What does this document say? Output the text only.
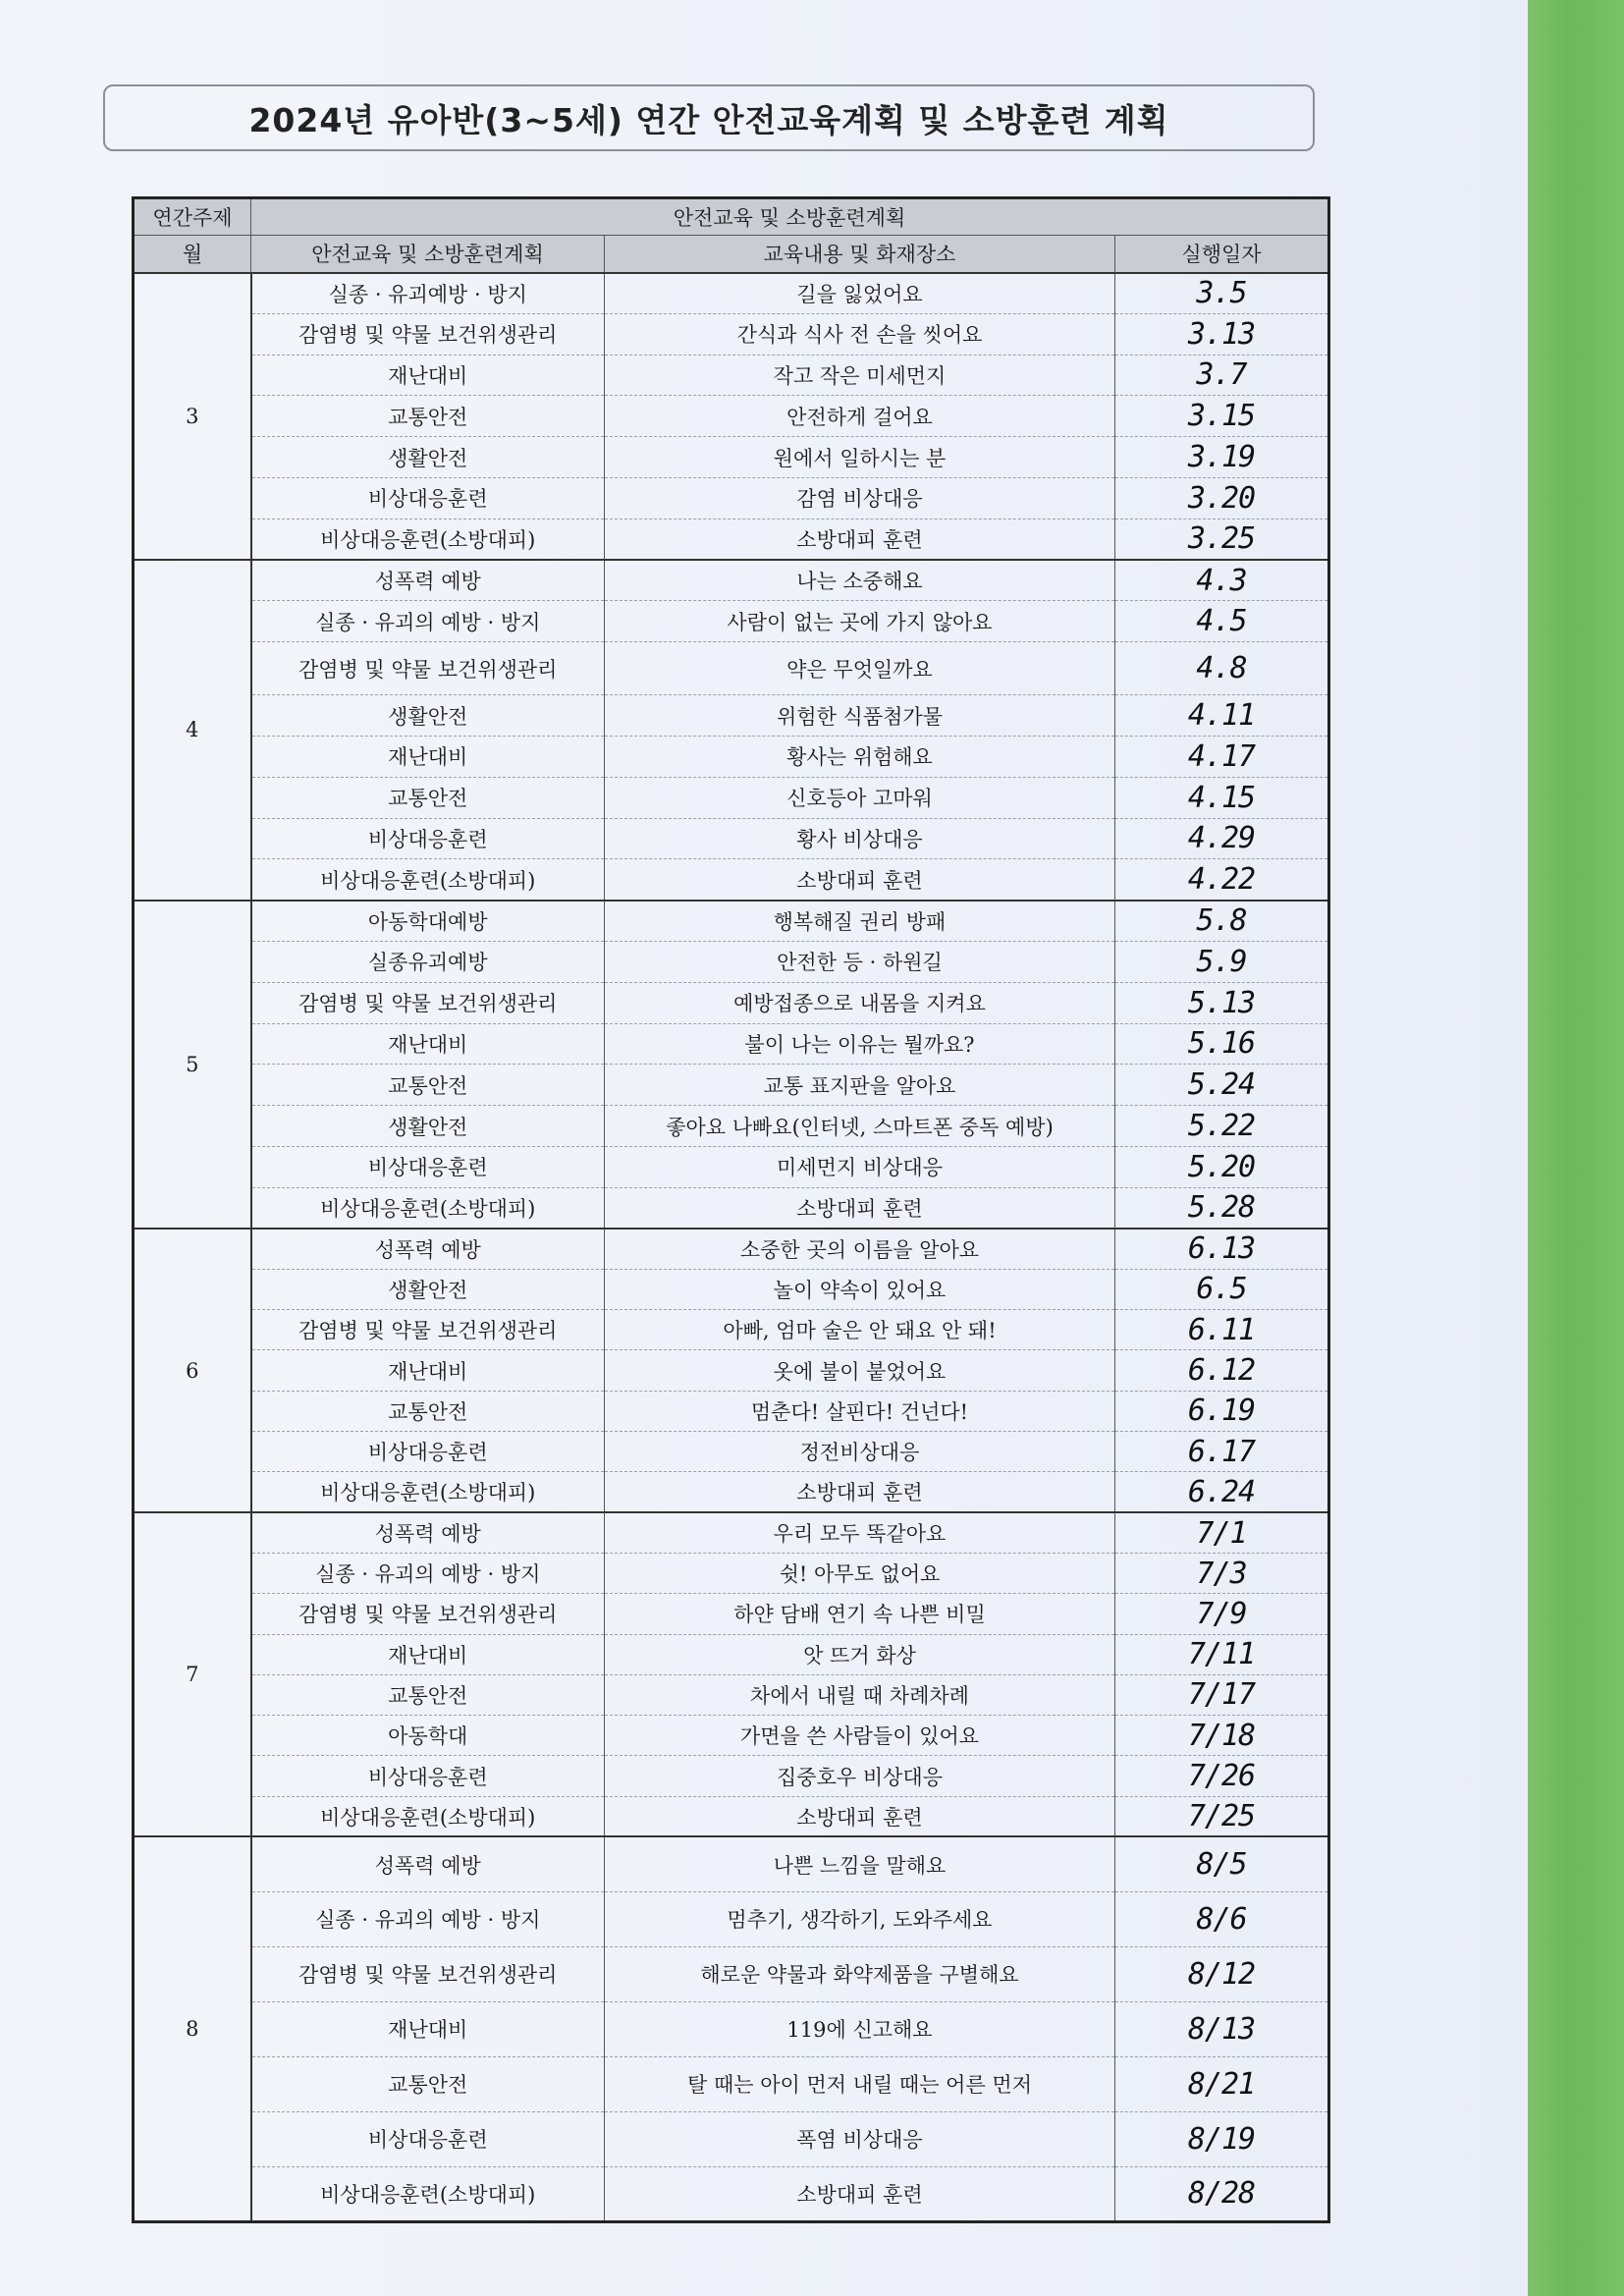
2024년 유아반(3~5세) 연간 안전교육계획 및 소방훈련 계획
연간주제	안전교육 및 소방훈련계획		
월	안전교육 및 소방훈련계획	교육내용 및 화재장소	실행일자
3	실종 · 유괴예방 · 방지	길을 잃었어요	3.5
	감염병 및 약물 보건위생관리	간식과 식사 전 손을 씻어요	3.13
	재난대비	작고 작은 미세먼지	3.7
	교통안전	안전하게 걸어요	3.15
	생활안전	원에서 일하시는 분	3.19
	비상대응훈련	감염 비상대응	3.20
	비상대응훈련(소방대피)	소방대피 훈련	3.25
4	성폭력 예방	나는 소중해요	4.3
	실종 · 유괴의 예방 · 방지	사람이 없는 곳에 가지 않아요	4.5
	감염병 및 약물 보건위생관리	약은 무엇일까요	4.8
	생활안전	위험한 식품첨가물	4.11
	재난대비	황사는 위험해요	4.17
	교통안전	신호등아 고마워	4.15
	비상대응훈련	황사 비상대응	4.29
	비상대응훈련(소방대피)	소방대피 훈련	4.22
5	아동학대예방	행복해질 권리 방패	5.8
	실종유괴예방	안전한 등 · 하원길	5.9
	감염병 및 약물 보건위생관리	예방접종으로 내몸을 지켜요	5.13
	재난대비	불이 나는 이유는 뭘까요?	5.16
	교통안전	교통 표지판을 알아요	5.24
	생활안전	좋아요 나빠요(인터넷, 스마트폰 중독 예방)	5.22
	비상대응훈련	미세먼지 비상대응	5.20
	비상대응훈련(소방대피)	소방대피 훈련	5.28
6	성폭력 예방	소중한 곳의 이름을 알아요	6.13
	생활안전	놀이 약속이 있어요	6.5
	감염병 및 약물 보건위생관리	아빠, 엄마 술은 안 돼요 안 돼!	6.11
	재난대비	옷에 불이 붙었어요	6.12
	교통안전	멈춘다! 살핀다! 건넌다!	6.19
	비상대응훈련	정전비상대응	6.17
	비상대응훈련(소방대피)	소방대피 훈련	6.24
7	성폭력 예방	우리 모두 똑같아요	7/1
	실종 · 유괴의 예방 · 방지	쉿! 아무도 없어요	7/3
	감염병 및 약물 보건위생관리	하얀 담배 연기 속 나쁜 비밀	7/9
	재난대비	앗 뜨거 화상	7/11
	교통안전	차에서 내릴 때 차례차례	7/17
	아동학대	가면을 쓴 사람들이 있어요	7/18
	비상대응훈련	집중호우 비상대응	7/26
	비상대응훈련(소방대피)	소방대피 훈련	7/25
8	성폭력 예방	나쁜 느낌을 말해요	8/5
	실종 · 유괴의 예방 · 방지	멈추기, 생각하기, 도와주세요	8/6
	감염병 및 약물 보건위생관리	해로운 약물과 화약제품을 구별해요	8/12
	재난대비	119에 신고해요	8/13
	교통안전	탈 때는 아이 먼저 내릴 때는 어른 먼저	8/21
	비상대응훈련	폭염 비상대응	8/19
	비상대응훈련(소방대피)	소방대피 훈련	8/28
